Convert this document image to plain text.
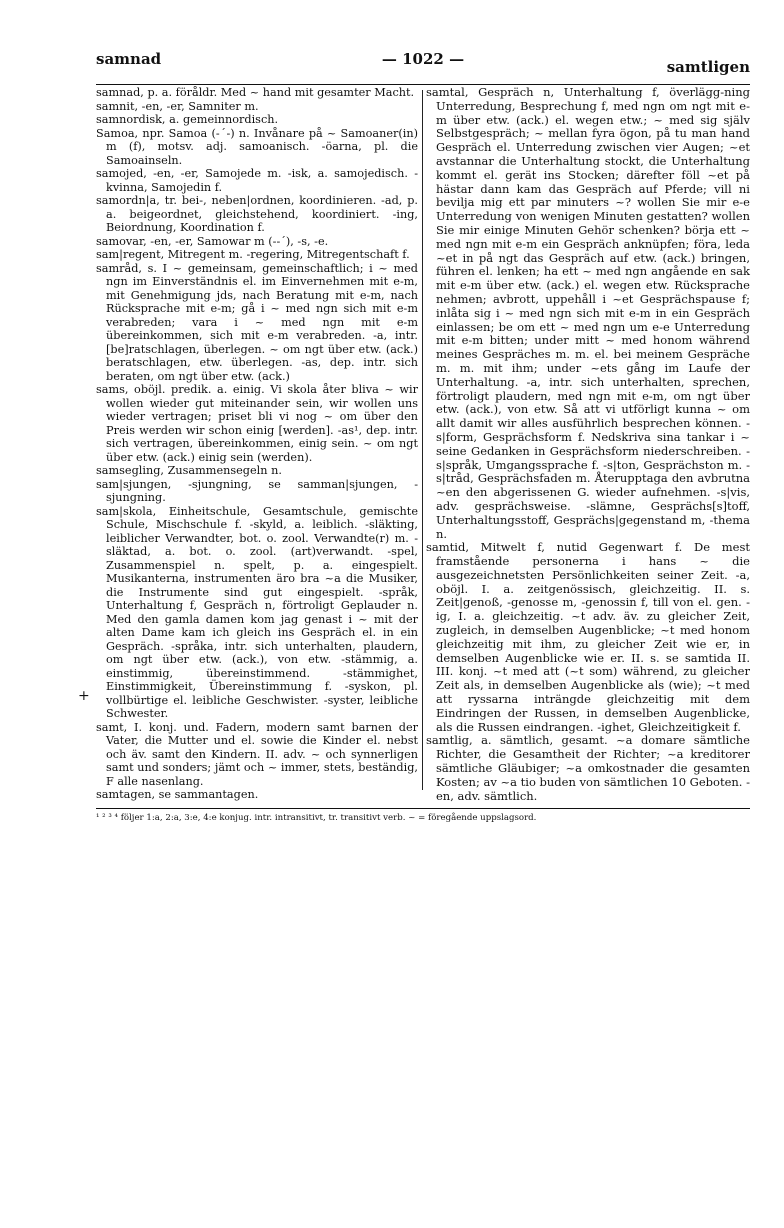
— 1022 —
samnad	samtligen
samnad, p. a. föråldr. Med ~ hand mit gesamter Macht.
samnit, -en, -er, Samniter m.
samnordisk, a. gemeinnordisch.
Samoa, npr. Samoa (-ˊ-) n. Invånare på ~ Samoaner(in) m (f), motsv. adj. samoanisch. -öarna, pl. die Samoainseln.
samojed, -en, -er, Samojede m. -isk, a. samojedisch. -kvinna, Samojedin f.
samordn|a, tr. bei-, neben|ordnen, koordinieren. -ad, p. a. beigeordnet, gleichstehend, koordiniert. -ing, Beiordnung, Koordination f.
samovar, -en, -er, Samowar m (--ˊ), -s, -e.
sam|regent, Mitregent m. -regering, Mitregentschaft f.
samråd, s. I ~ gemeinsam, gemeinschaftlich; i ~ med ngn im Einverständnis el. im Einvernehmen mit e-m, mit Genehmigung jds, nach Beratung mit e-m, nach Rücksprache mit e-m; gå i ~ med ngn sich mit e-m verabreden; vara i ~ med ngn mit e-m übereinkommen, sich mit e-m verabreden. -a, intr. [be]ratschlagen, überlegen. ~ om ngt über etw. (ack.) beratschlagen, etw. überlegen. -as, dep. intr. sich beraten, om ngt über etw. (ack.)
sams, oböjl. predik. a. einig. Vi skola åter bliva ~ wir wollen wieder gut miteinander sein, wir wollen uns wieder vertragen; priset bli vi nog ~ om über den Preis werden wir schon einig [werden]. -as¹, dep. intr. sich vertragen, übereinkommen, einig sein. ~ om ngt über etw. (ack.) einig sein (werden).
samsegling, Zusammensegeln n.
sam|sjungen, -sjungning, se samman|sjungen, -sjungning.
sam|skola, Einheitschule, Gesamtschule, gemischte Schule, Mischschule f. -skyld, a. leiblich. -släkting, leiblicher Verwandter, bot. o. zool. Verwandte(r) m. -släktad, a. bot. o. zool. (art)verwandt. -spel, Zusammenspiel n. spelt, p. a. eingespielt. Musikanterna, instrumenten äro bra ~a die Musiker, die Instrumente sind gut eingespielt. -språk, Unterhaltung f, Gespräch n, förtroligt Geplauder n. Med den gamla damen kom jag genast i ~ mit der alten Dame kam ich gleich ins Gespräch el. in ein Gespräch. -språka, intr. sich unterhalten, plaudern, om ngt über etw. (ack.), von etw. -stämmig, a. einstimmig, übereinstimmend. -stämmighet, Einstimmigkeit, Übereinstimmung f. -syskon, pl. vollbürtige el. leibliche Geschwister. -syster, leibliche Schwester.
samt, I. konj. und. Fadern, modern samt barnen der Vater, die Mutter und el. sowie die Kinder el. nebst och äv. samt den Kindern. II. adv. ~ och synnerligen samt und sonders; jämt och ~ immer, stets, beständig, F alle nasenlang.
samtagen, se sammantagen.
samtal, Gespräch n, Unterhaltung f, överlägg-ning Unterredung, Besprechung f, med ngn om ngt mit e-m über etw. (ack.) el. wegen etw.; ~ med sig själv Selbstgespräch; ~ mellan fyra ögon, på tu man hand Gespräch el. Unterredung zwischen vier Augen; ~et avstannar die Unterhaltung stockt, die Unterhaltung kommt el. gerät ins Stocken; därefter föll ~et på hästar dann kam das Gespräch auf Pferde; vill ni bevilja mig ett par minuters ~? wollen Sie mir e-e Unterredung von wenigen Minuten gestatten? wollen Sie mir einige Minuten Gehör schenken? börja ett ~ med ngn mit e-m ein Gespräch anknüpfen; föra, leda ~et in på ngt das Gespräch auf etw. (ack.) bringen, führen el. lenken; ha ett ~ med ngn angående en sak mit e-m über etw. (ack.) el. wegen etw. Rücksprache nehmen; avbrott, uppehåll i ~et Gesprächspause f; inlåta sig i ~ med ngn sich mit e-m in ein Gespräch einlassen; be om ett ~ med ngn um e-e Unterredung mit e-m bitten; under mitt ~ med honom während meines Gespräches m. m. el. bei meinem Gespräche m. m. mit ihm; under ~ets gång im Laufe der Unterhaltung. -a, intr. sich unterhalten, sprechen, förtroligt plaudern, med ngn mit e-m, om ngt über etw. (ack.), von etw. Så att vi utförligt kunna ~ om allt damit wir alles ausführlich besprechen können. -s|form, Gesprächsform f. Nedskriva sina tankar i ~ seine Gedanken in Gesprächsform niederschreiben. -s|språk, Umgangssprache f. -s|ton, Gesprächston m. -s|tråd, Gesprächsfaden m. Återupptaga den avbrutna ~en den abgerissenen G. wieder aufnehmen. -s|vis, adv. gesprächsweise. -slämne, Gesprächs[s]toff, Unterhaltungsstoff, Gesprächs|gegenstand m, -thema n.
samtid, Mitwelt f, nutid Gegenwart f. De mest framstående personerna i hans ~ die ausgezeichnetsten Persönlichkeiten seiner Zeit. -a, oböjl. I. a. zeitgenössisch, gleichzeitig. II. s. Zeit|genoß, -genosse m, -genossin f, till von el. gen. -ig, I. a. gleichzeitig. ~t adv. äv. zu gleicher Zeit, zugleich, in demselben Augenblicke; ~t med honom gleichzeitig mit ihm, zu gleicher Zeit wie er, in demselben Augenblicke wie er. II. s. se samtida II. III. konj. ~t med att (~t som) während, zu gleicher Zeit als, in demselben Augenblicke als (wie); ~t med att ryssarna inträngde gleichzeitig mit dem Eindringen der Russen, in demselben Augenblicke, als die Russen eindrangen. -ighet, Gleichzeitigkeit f.
samtlig, a. sämtlich, gesamt. ~a domare sämtliche Richter, die Gesamtheit der Richter; ~a kreditorer sämtliche Gläubiger; ~a omkostnader die gesamten Kosten; av ~a tio buden von sämtlichen 10 Geboten. -en, adv. sämtlich.
+
¹ ² ³ ⁴ följer 1:a, 2:a, 3:e, 4:e konjug. intr. intransitivt, tr. transitivt verb. ~ = föregående uppslagsord.
